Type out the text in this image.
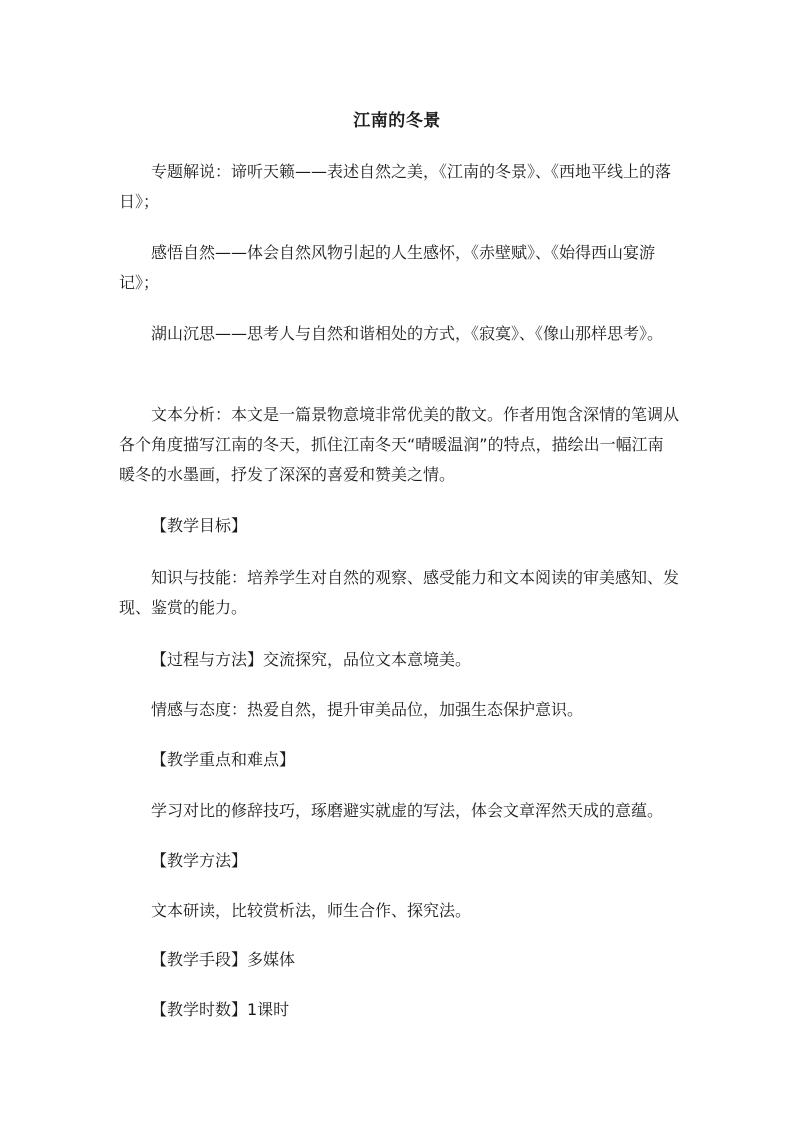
江南的冬景

专题解说：谛听天籁——表述自然之美，《江南的冬景》、《西地平线上的落日》；

感悟自然——体会自然风物引起的人生感怀，《赤壁赋》、《始得西山宴游记》；

湖山沉思——思考人与自然和谐相处的方式，《寂寞》、《像山那样思考》。

文本分析：本文是一篇景物意境非常优美的散文。作者用饱含深情的笔调从各个角度描写江南的冬天，抓住江南冬天“晴暖温润”的特点，描绘出一幅江南暖冬的水墨画，抒发了深深的喜爱和赞美之情。

【教学目标】

知识与技能：培养学生对自然的观察、感受能力和文本阅读的审美感知、发现、鉴赏的能力。

【过程与方法】交流探究，品位文本意境美。

情感与态度：热爱自然，提升审美品位，加强生态保护意识。

【教学重点和难点】

学习对比的修辞技巧，琢磨避实就虚的写法，体会文章浑然天成的意蕴。

【教学方法】

文本研读，比较赏析法，师生合作、探究法。

【教学手段】多媒体

【教学时数】1课时
